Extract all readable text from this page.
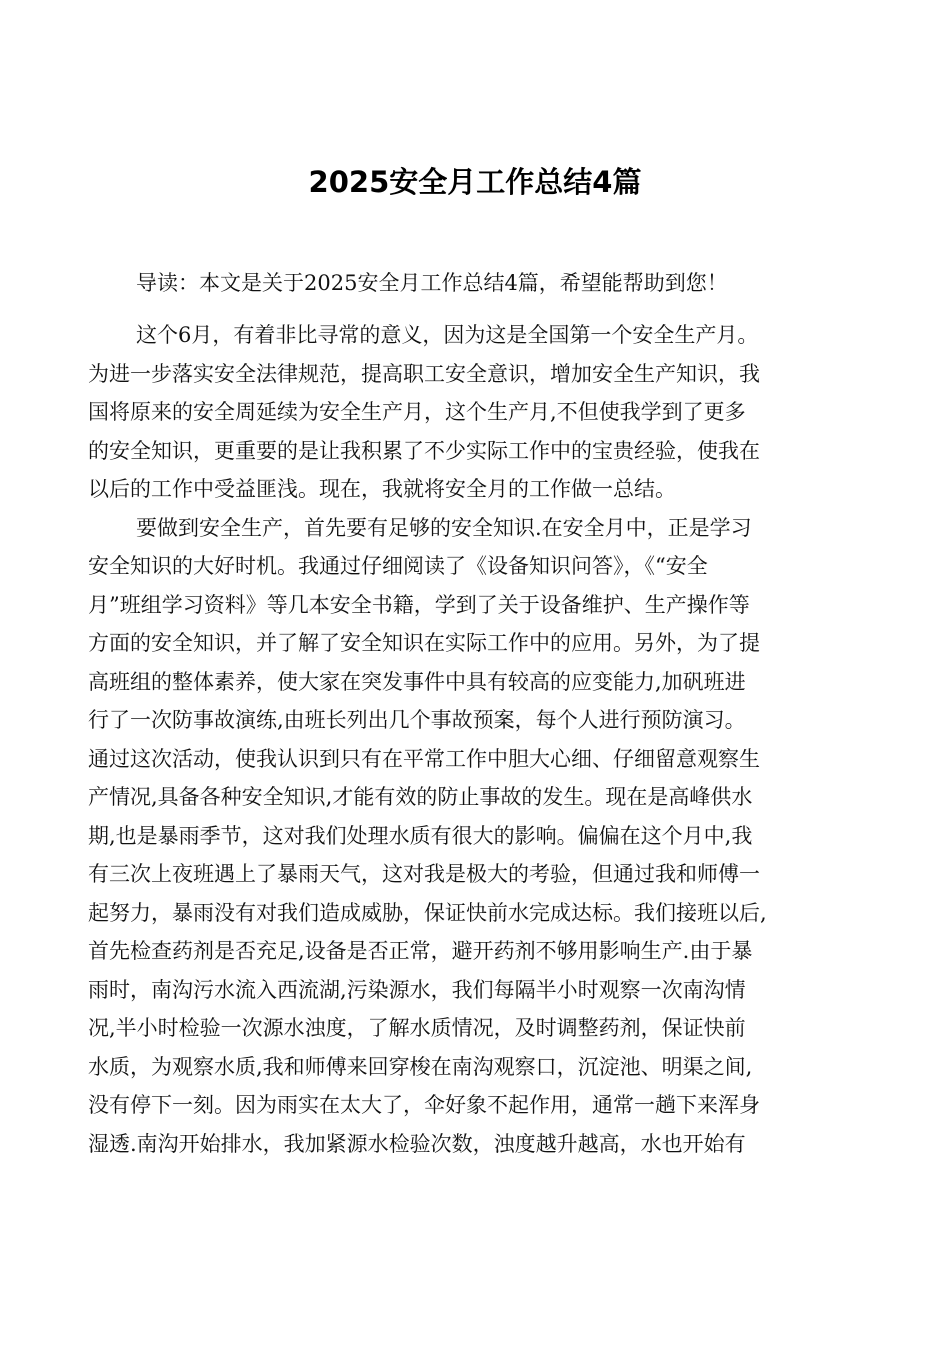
2025安全月工作总结4篇

导读：本文是关于2025安全月工作总结4篇，希望能帮助到您！

这个6月，有着非比寻常的意义，因为这是全国第一个安全生产月。
为进一步落实安全法律规范，提高职工安全意识，增加安全生产知识，我
国将原来的安全周延续为安全生产月，这个生产月,不但使我学到了更多
的安全知识，更重要的是让我积累了不少实际工作中的宝贵经验，使我在
以后的工作中受益匪浅。现在，我就将安全月的工作做一总结。

要做到安全生产，首先要有足够的安全知识.在安全月中，正是学习
安全知识的大好时机。我通过仔细阅读了《设备知识问答》，《“安全
月”班组学习资料》等几本安全书籍，学到了关于设备维护、生产操作等
方面的安全知识，并了解了安全知识在实际工作中的应用。另外，为了提
高班组的整体素养，使大家在突发事件中具有较高的应变能力,加矾班进
行了一次防事故演练,由班长列出几个事故预案，每个人进行预防演习。
通过这次活动，使我认识到只有在平常工作中胆大心细、仔细留意观察生
产情况,具备各种安全知识,才能有效的防止事故的发生。现在是高峰供水
期,也是暴雨季节，这对我们处理水质有很大的影响。偏偏在这个月中,我
有三次上夜班遇上了暴雨天气，这对我是极大的考验，但通过我和师傅一
起努力，暴雨没有对我们造成威胁，保证快前水完成达标。我们接班以后,
首先检查药剂是否充足,设备是否正常，避开药剂不够用影响生产.由于暴
雨时，南沟污水流入西流湖,污染源水，我们每隔半小时观察一次南沟情
况,半小时检验一次源水浊度，了解水质情况，及时调整药剂，保证快前
水质，为观察水质,我和师傅来回穿梭在南沟观察口，沉淀池、明渠之间,
没有停下一刻。因为雨实在太大了，伞好象不起作用，通常一趟下来浑身
湿透.南沟开始排水，我加紧源水检验次数，浊度越升越高，水也开始有
